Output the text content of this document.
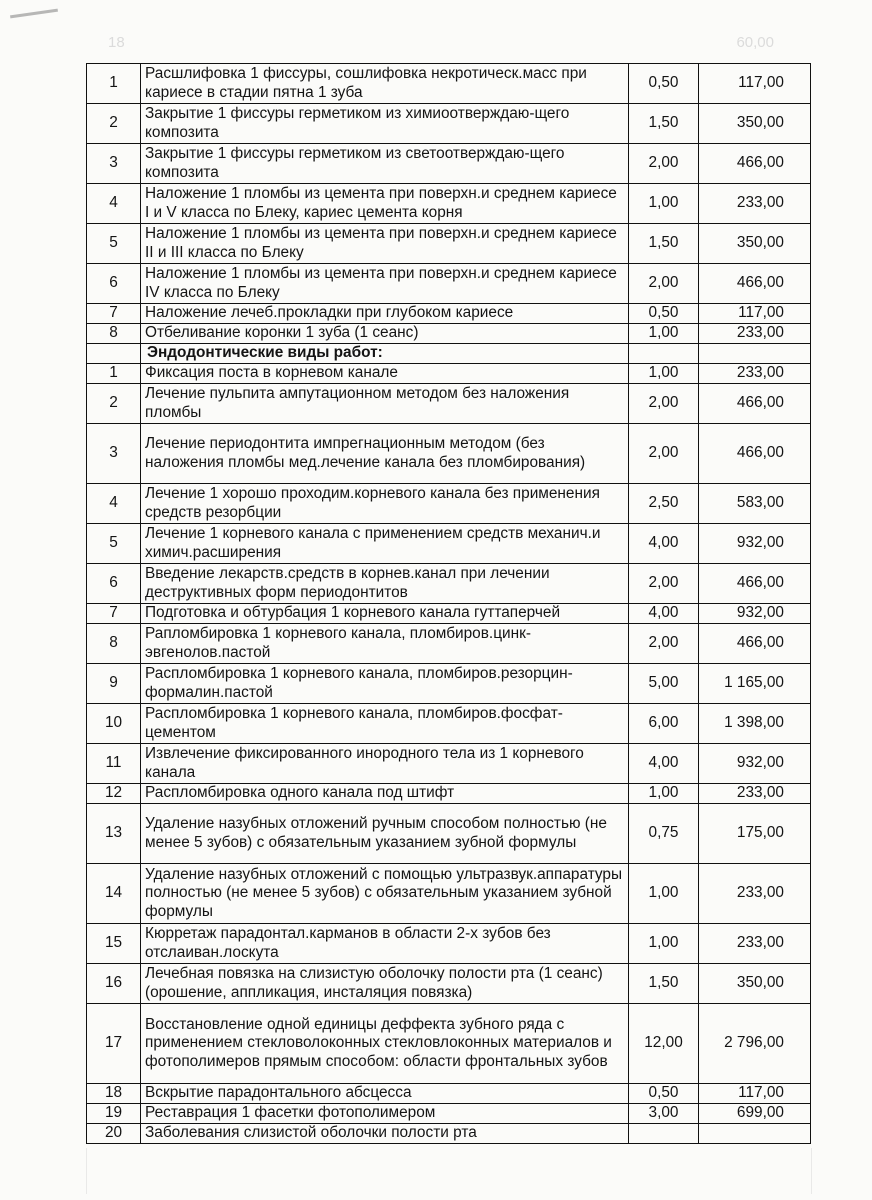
18	60,00
1	Расшлифовка 1 фиссуры, сошлифовка некротическ.масс при кариесе в стадии пятна 1 зуба	0,50	117,00
2	Закрытие 1 фиссуры герметиком из химиоотверждаю-щего композита	1,50	350,00
3	Закрытие 1 фиссуры герметиком из светоотверждаю-щего композита	2,00	466,00
4	Наложение 1 пломбы из цемента при поверхн.и среднем кариесе I и V класса по Блеку, кариес цемента корня	1,00	233,00
5	Наложение 1 пломбы из цемента при поверхн.и среднем кариесе II и III класса по Блеку	1,50	350,00
6	Наложение 1 пломбы из цемента при поверхн.и среднем кариесе IV класса по Блеку	2,00	466,00
7	Наложение лечеб.прокладки при глубоком кариесе	0,50	117,00
8	Отбеливание коронки 1 зуба (1 сеанс)	1,00	233,00
	Эндодонтические виды работ:		
1	Фиксация поста в корневом канале	1,00	233,00
2	Лечение пульпита ампутационном методом без наложения пломбы	2,00	466,00
3	Лечение периодонтита импрегнационным методом (без наложения пломбы мед.лечение канала без пломбирования)	2,00	466,00
4	Лечение 1 хорошо проходим.корневого канала без применения средств резорбции	2,50	583,00
5	Лечение 1 корневого канала с применением средств механич.и химич.расширения	4,00	932,00
6	Введение лекарств.средств в корнев.канал при лечении деструктивных форм периодонтитов	2,00	466,00
7	Подготовка и обтурбация 1 корневого канала гуттаперчей	4,00	932,00
8	Рапломбировка 1 корневого канала, пломбиров.цинк-эвгенолов.пастой	2,00	466,00
9	Распломбировка 1 корневого канала, пломбиров.резорцин-формалин.пастой	5,00	1 165,00
10	Распломбировка 1 корневого канала, пломбиров.фосфат-цементом	6,00	1 398,00
11	Извлечение фиксированного инородного тела из 1 корневого канала	4,00	932,00
12	Распломбировка одного канала под штифт	1,00	233,00
13	Удаление назубных отложений ручным способом полностью (не менее 5 зубов) с обязательным указанием зубной формулы	0,75	175,00
14	Удаление назубных отложений с помощью ультразвук.аппаратуры полностью (не менее 5 зубов) с обязательным указанием зубной формулы	1,00	233,00
15	Кюрретаж парадонтал.карманов в области 2-х зубов без отслаиван.лоскута	1,00	233,00
16	Лечебная повязка на слизистую оболочку полости рта (1 сеанс) (орошение, аппликация, инсталяция повязка)	1,50	350,00
17	Восстановление одной единицы деффекта зубного ряда с применением стекловолоконных стекловлоконных материалов и фотополимеров прямым способом: области фронтальных зубов	12,00	2 796,00
18	Вскрытие парадонтального абсцесса	0,50	117,00
19	Реставрация 1 фасетки фотополимером	3,00	699,00
20	Заболевания слизистой оболочки полости рта		
